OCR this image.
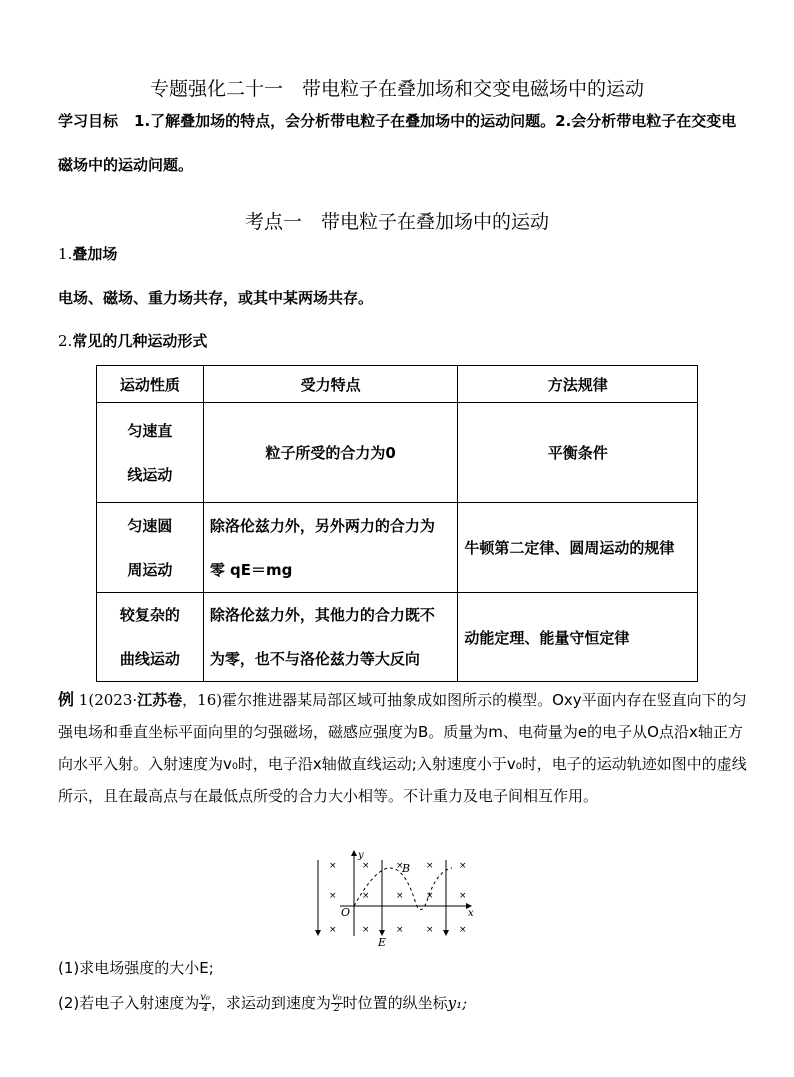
专题强化二十一　带电粒子在叠加场和交变电磁场中的运动
学习目标 1.了解叠加场的特点，会分析带电粒子在叠加场中的运动问题。2.会分析带电粒子在交变电磁场中的运动问题。
考点一　带电粒子在叠加场中的运动
1.叠加场
电场、磁场、重力场共存，或其中某两场共存。
2.常见的几种运动形式
运动性质	受力特点	方法规律
匀速直
线运动	粒子所受的合力为0	平衡条件
匀速圆
周运动	除洛伦兹力外，另外两力的合力为
零 qE＝mg	牛顿第二定律、圆周运动的规律
较复杂的
曲线运动	除洛伦兹力外，其他力的合力既不
为零，也不与洛伦兹力等大反向	动能定理、能量守恒定律
例 1(2023·江苏卷，16)霍尔推进器某局部区域可抽象成如图所示的模型。Oxy平面内存在竖直向下的匀强电场和垂直坐标平面向里的匀强磁场，磁感应强度为B。质量为m、电荷量为e的电子从O点沿x轴正方向水平入射。入射速度为v₀时，电子沿x轴做直线运动;入射速度小于v₀时，电子的运动轨迹如图中的虚线所示，且在最高点与在最低点所受的合力大小相等。不计重力及电子间相互作用。
y
x
O
B
E
×	×	×	×
×	×	× ×	×
×	×	× ×	×
×
(1)求电场强度的大小E;
(2)若电子入射速度为 $\frac{\text{v₀}}{4}$，求运动到速度为 $\frac{\text{v₀}}{2}$时位置的纵坐标y₁;
